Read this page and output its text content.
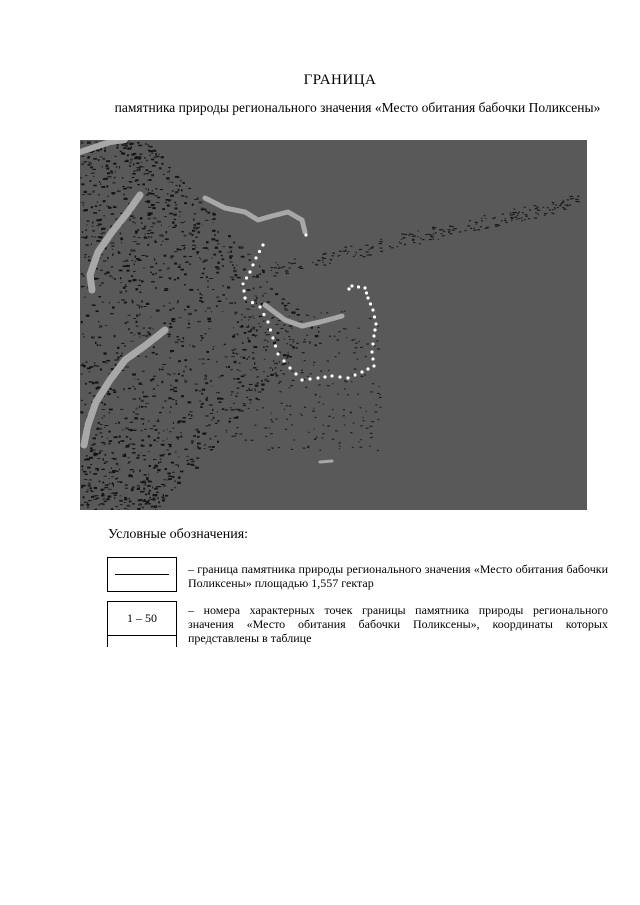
ГРАНИЦА
памятника природы регионального значения «Место обитания бабочки Поликсены»
Условные обозначения:
– граница памятника природы регионального значения «Место обитания бабочки Поликсены» площадью 1,557 гектар
1 – 50
– номера характерных точек границы памятника природы регионального значения «Место обитания бабочки Поликсены», координаты которых представлены в таблице
